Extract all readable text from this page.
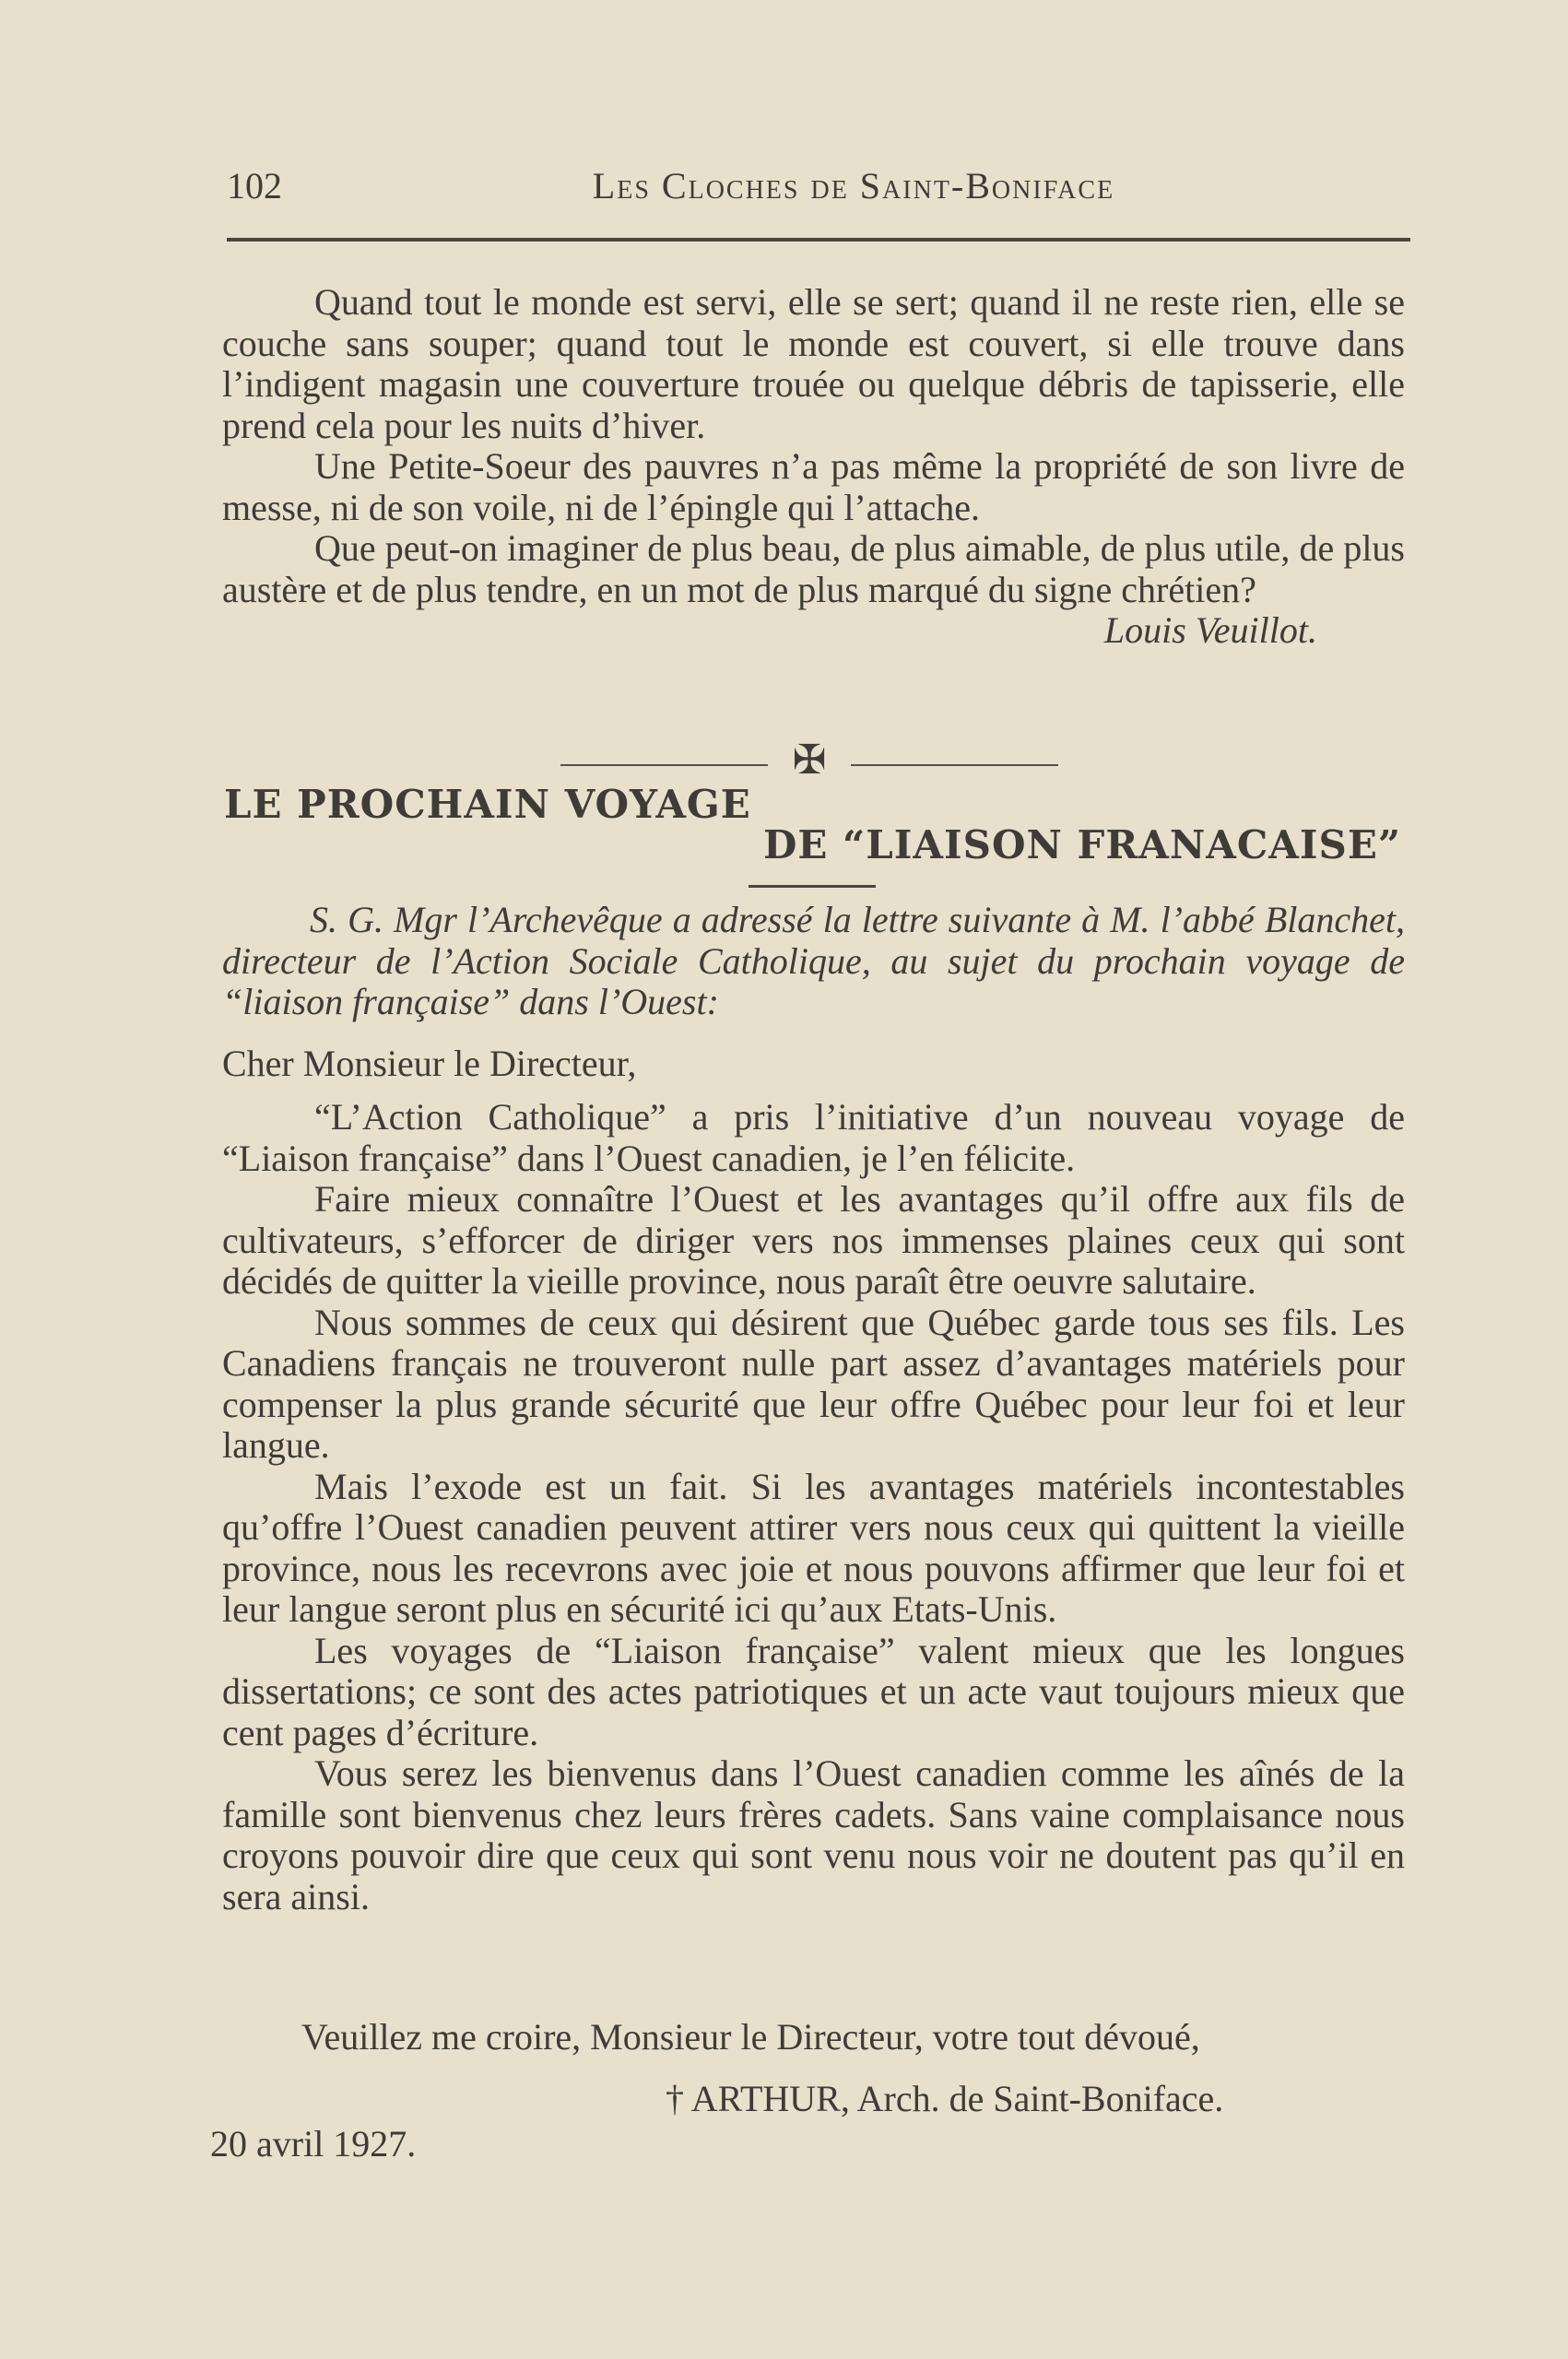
102	Les Cloches de Saint-Boniface

Quand tout le monde est servi, elle se sert; quand il ne reste rien, elle se couche sans souper; quand tout le monde est couvert, si elle trouve dans l’indigent magasin une couverture trouée ou quelque débris de tapisserie, elle prend cela pour les nuits d’hiver.

Une Petite-Soeur des pauvres n’a pas même la propriété de son livre de messe, ni de son voile, ni de l’épingle qui l’attache.

Que peut-on imaginer de plus beau, de plus aimable, de plus utile, de plus austère et de plus tendre, en un mot de plus marqué du signe chrétien?

Louis Veuillot.

✠
LE PROCHAIN VOYAGE
DE “LIAISON FRANACAISE”

S. G. Mgr l’Archevêque a adressé la lettre suivante à M. l’abbé Blanchet, directeur de l’Action Sociale Catholique, au sujet du prochain voyage de “liaison française” dans l’Ouest:

Cher Monsieur le Directeur,

“L’Action Catholique” a pris l’initiative d’un nouveau voyage de “Liaison française” dans l’Ouest canadien, je l’en félicite.

Faire mieux connaître l’Ouest et les avantages qu’il offre aux fils de cultivateurs, s’efforcer de diriger vers nos immenses plaines ceux qui sont décidés de quitter la vieille province, nous paraît être oeuvre salutaire.

Nous sommes de ceux qui désirent que Québec garde tous ses fils. Les Canadiens français ne trouveront nulle part assez d’avantages matériels pour compenser la plus grande sécurité que leur offre Québec pour leur foi et leur langue.

Mais l’exode est un fait. Si les avantages matériels incontestables qu’offre l’Ouest canadien peuvent attirer vers nous ceux qui quittent la vieille province, nous les recevrons avec joie et nous pouvons affirmer que leur foi et leur langue seront plus en sécurité ici qu’aux Etats-Unis.

Les voyages de “Liaison française” valent mieux que les longues dissertations; ce sont des actes patriotiques et un acte vaut toujours mieux que cent pages d’écriture.

Vous serez les bienvenus dans l’Ouest canadien comme les aînés de la famille sont bienvenus chez leurs frères cadets. Sans vaine complaisance nous croyons pouvoir dire que ceux qui sont venu nous voir ne doutent pas qu’il en sera ainsi.

Veuillez me croire, Monsieur le Directeur, votre tout dévoué,

† ARTHUR, Arch. de Saint-Boniface.

20 avril 1927.
